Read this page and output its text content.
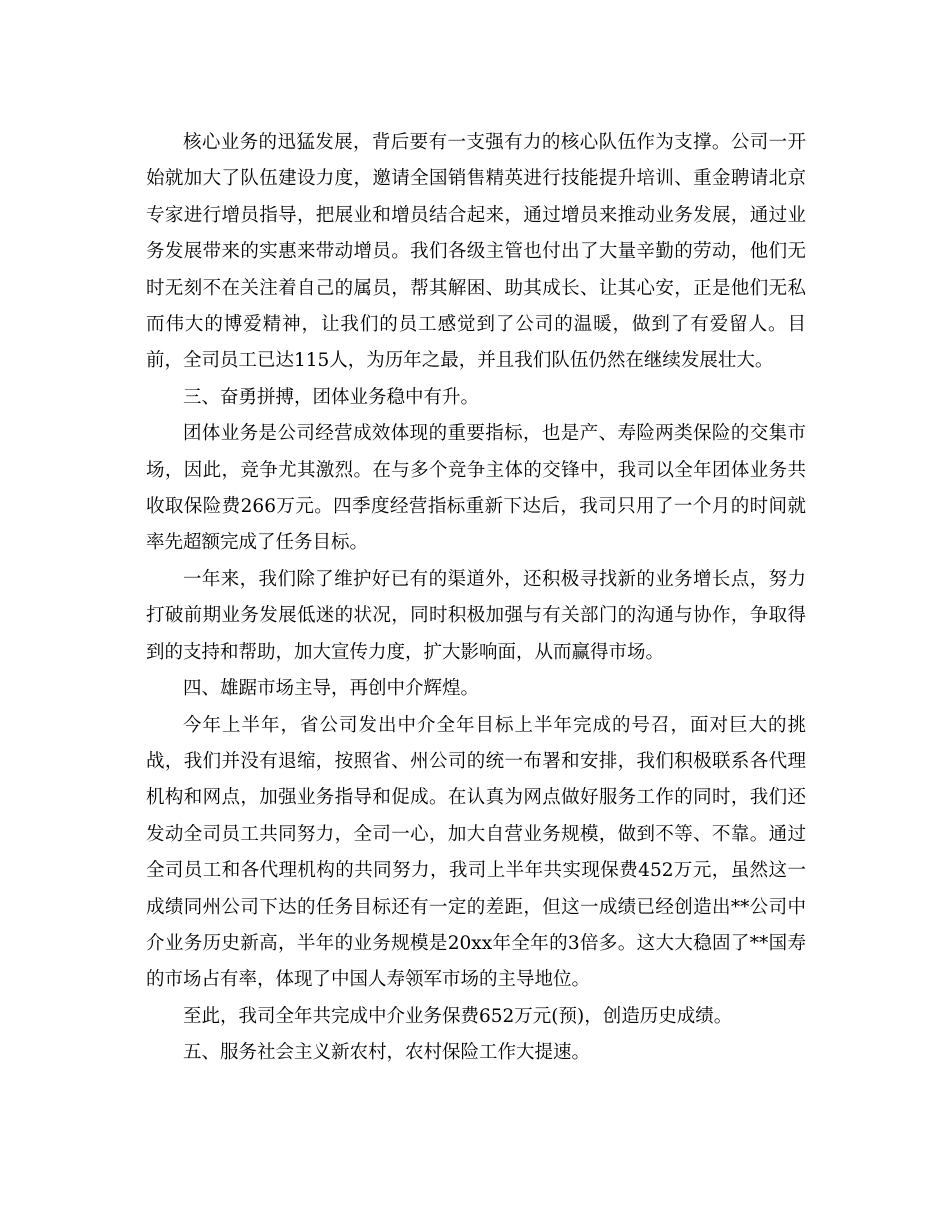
核心业务的迅猛发展，背后要有一支强有力的核心队伍作为支撑。公司一开始就加大了队伍建设力度，邀请全国销售精英进行技能提升培训、重金聘请北京专家进行增员指导，把展业和增员结合起来，通过增员来推动业务发展，通过业务发展带来的实惠来带动增员。我们各级主管也付出了大量辛勤的劳动，他们无时无刻不在关注着自己的属员，帮其解困、助其成长、让其心安，正是他们无私而伟大的博爱精神，让我们的员工感觉到了公司的温暖，做到了有爱留人。目前，全司员工已达115人，为历年之最，并且我们队伍仍然在继续发展壮大。

三、奋勇拼搏，团体业务稳中有升。

团体业务是公司经营成效体现的重要指标，也是产、寿险两类保险的交集市场，因此，竞争尤其激烈。在与多个竞争主体的交锋中，我司以全年团体业务共收取保险费266万元。四季度经营指标重新下达后，我司只用了一个月的时间就率先超额完成了任务目标。

一年来，我们除了维护好已有的渠道外，还积极寻找新的业务增长点，努力打破前期业务发展低迷的状况，同时积极加强与有关部门的沟通与协作，争取得到的支持和帮助，加大宣传力度，扩大影响面，从而赢得市场。

四、雄踞市场主导，再创中介辉煌。

今年上半年，省公司发出中介全年目标上半年完成的号召，面对巨大的挑战，我们并没有退缩，按照省、州公司的统一布署和安排，我们积极联系各代理机构和网点，加强业务指导和促成。在认真为网点做好服务工作的同时，我们还发动全司员工共同努力，全司一心，加大自营业务规模，做到不等、不靠。通过全司员工和各代理机构的共同努力，我司上半年共实现保费452万元，虽然这一成绩同州公司下达的任务目标还有一定的差距，但这一成绩已经创造出**公司中介业务历史新高，半年的业务规模是20xx年全年的3倍多。这大大稳固了**国寿的市场占有率，体现了中国人寿领军市场的主导地位。

至此，我司全年共完成中介业务保费652万元(预)，创造历史成绩。

五、服务社会主义新农村，农村保险工作大提速。
